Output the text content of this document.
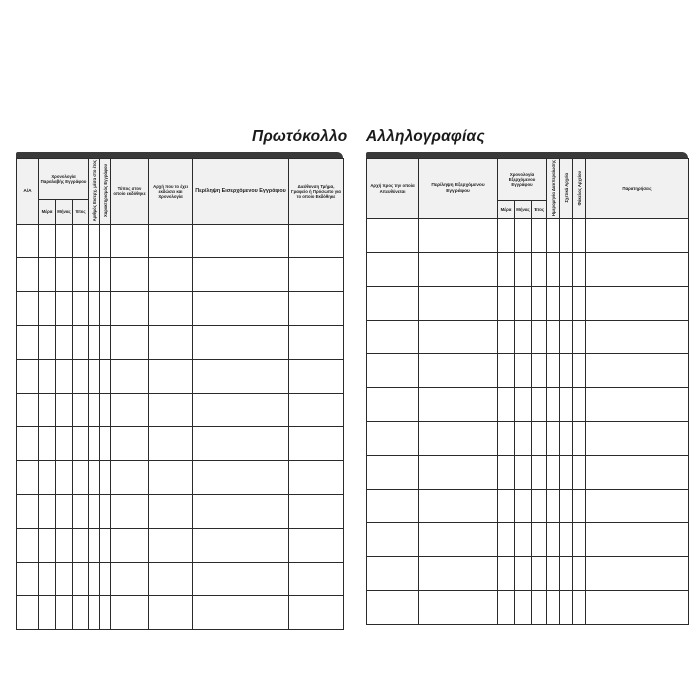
Πρωτόκολλο Αλληλογραφίας
Α/Α	Χρονολογία Παραλαβής Εγγράφου			Αριθμός Εισερχ. μέσα στο έτος	Χαρακτηρισμός Εγγράφου	Τύπος στον οποίο εκδόθηκε	Αρχή που το έχει εκδώσει και Χρονολογία	Περίληψη Εισερχόμενου Εγγράφου	Διεύθυνση Τμήμα, Γραφείο ή Πρόσωπο για το οποίο Εκδόθηκε

	Μέρα	Μήνας	Έτος						

Αρχή προς την οποία Απευθύνεται	Περίληψη Εξερχόμενου Εγγράφου	Χρονολογία Εξερχόμενου Εγγράφου			Ημερομηνία Διεκπεραίωσης	Σχετικά Αρχεία	Φάκελος Αρχείου	Παρατηρήσεις

		Μέρα	Μήνας	Έτος				
